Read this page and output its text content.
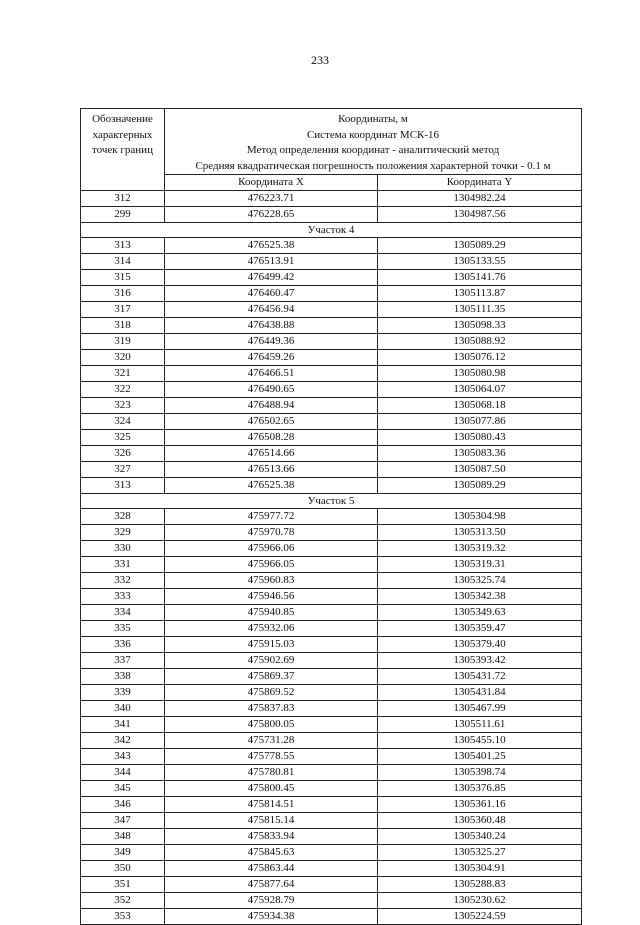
233
Обозначение
характерных
точек границ	Координаты, м
Система координат МСК-16
Метод определения координат - аналитический метод
Средняя квадратическая погрешность положения характерной точки - 0.1 м	

	Координата X	Координата Y
312	476223.71	1304982.24
299	476228.65	1304987.56
Участок 4		
313	476525.38	1305089.29
314	476513.91	1305133.55
315	476499.42	1305141.76
316	476460.47	1305113.87
317	476456.94	1305111.35
318	476438.88	1305098.33
319	476449.36	1305088.92
320	476459.26	1305076.12
321	476466.51	1305080.98
322	476490.65	1305064.07
323	476488.94	1305068.18
324	476502.65	1305077.86
325	476508.28	1305080.43
326	476514.66	1305083.36
327	476513.66	1305087.50
313	476525.38	1305089.29
Участок 5		
328	475977.72	1305304.98
329	475970.78	1305313.50
330	475966.06	1305319.32
331	475966.05	1305319.31
332	475960.83	1305325.74
333	475946.56	1305342.38
334	475940.85	1305349.63
335	475932.06	1305359.47
336	475915.03	1305379.40
337	475902.69	1305393.42
338	475869.37	1305431.72
339	475869.52	1305431.84
340	475837.83	1305467.99
341	475800.05	1305511.61
342	475731.28	1305455.10
343	475778.55	1305401.25
344	475780.81	1305398.74
345	475800.45	1305376.85
346	475814.51	1305361.16
347	475815.14	1305360.48
348	475833.94	1305340.24
349	475845.63	1305325.27
350	475863.44	1305304.91
351	475877.64	1305288.83
352	475928.79	1305230.62
353	475934.38	1305224.59
